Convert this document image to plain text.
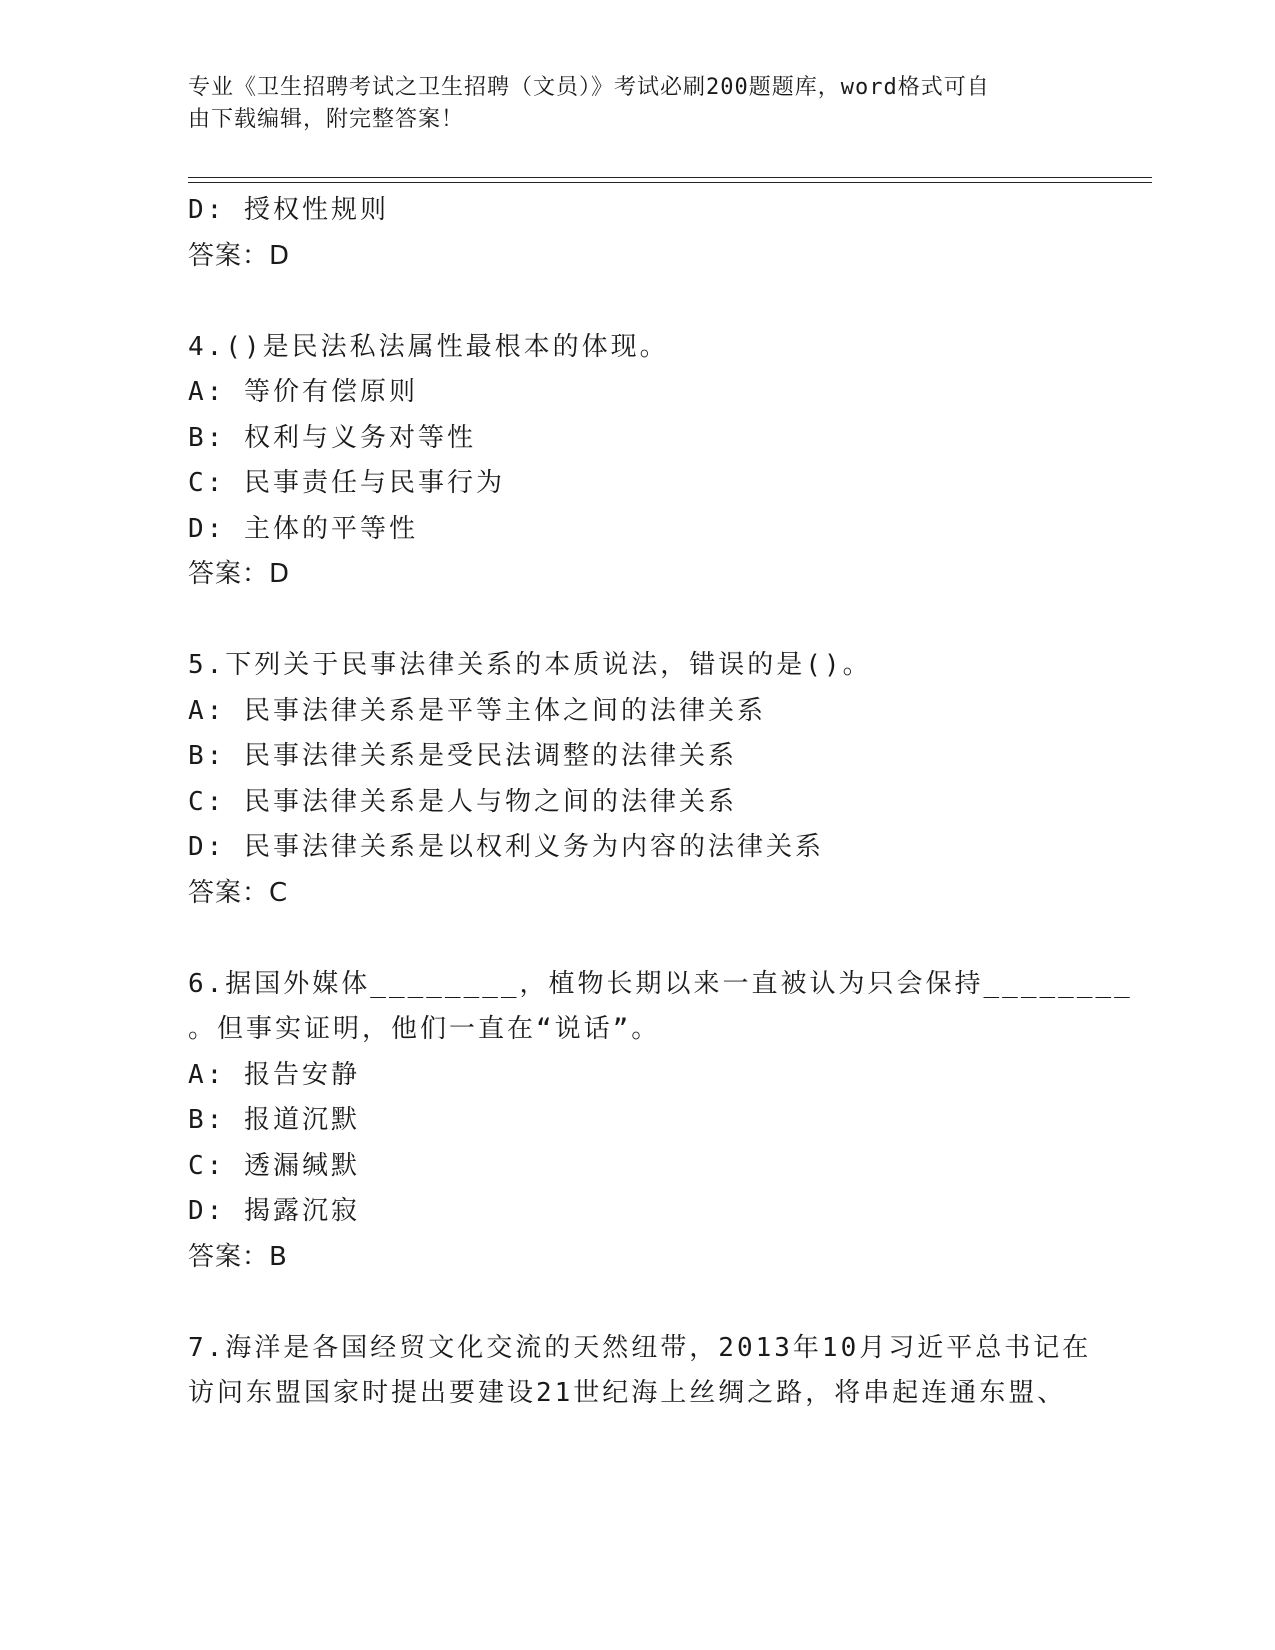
专业《卫生招聘考试之卫生招聘（文员）》考试必刷200题题库，word格式可自
由下载编辑，附完整答案！
D: 授权性规则
答案：D
4.()是民法私法属性最根本的体现。
A: 等价有偿原则
B: 权利与义务对等性
C: 民事责任与民事行为
D: 主体的平等性
答案：D
5.下列关于民事法律关系的本质说法，错误的是()。
A: 民事法律关系是平等主体之间的法律关系
B: 民事法律关系是受民法调整的法律关系
C: 民事法律关系是人与物之间的法律关系
D: 民事法律关系是以权利义务为内容的法律关系
答案：C
6.据国外媒体________，植物长期以来一直被认为只会保持________
。但事实证明，他们一直在“说话”。
A: 报告安静
B: 报道沉默
C: 透漏缄默
D: 揭露沉寂
答案：B
7.海洋是各国经贸文化交流的天然纽带，2013年10月习近平总书记在
访问东盟国家时提出要建设21世纪海上丝绸之路，将串起连通东盟、
